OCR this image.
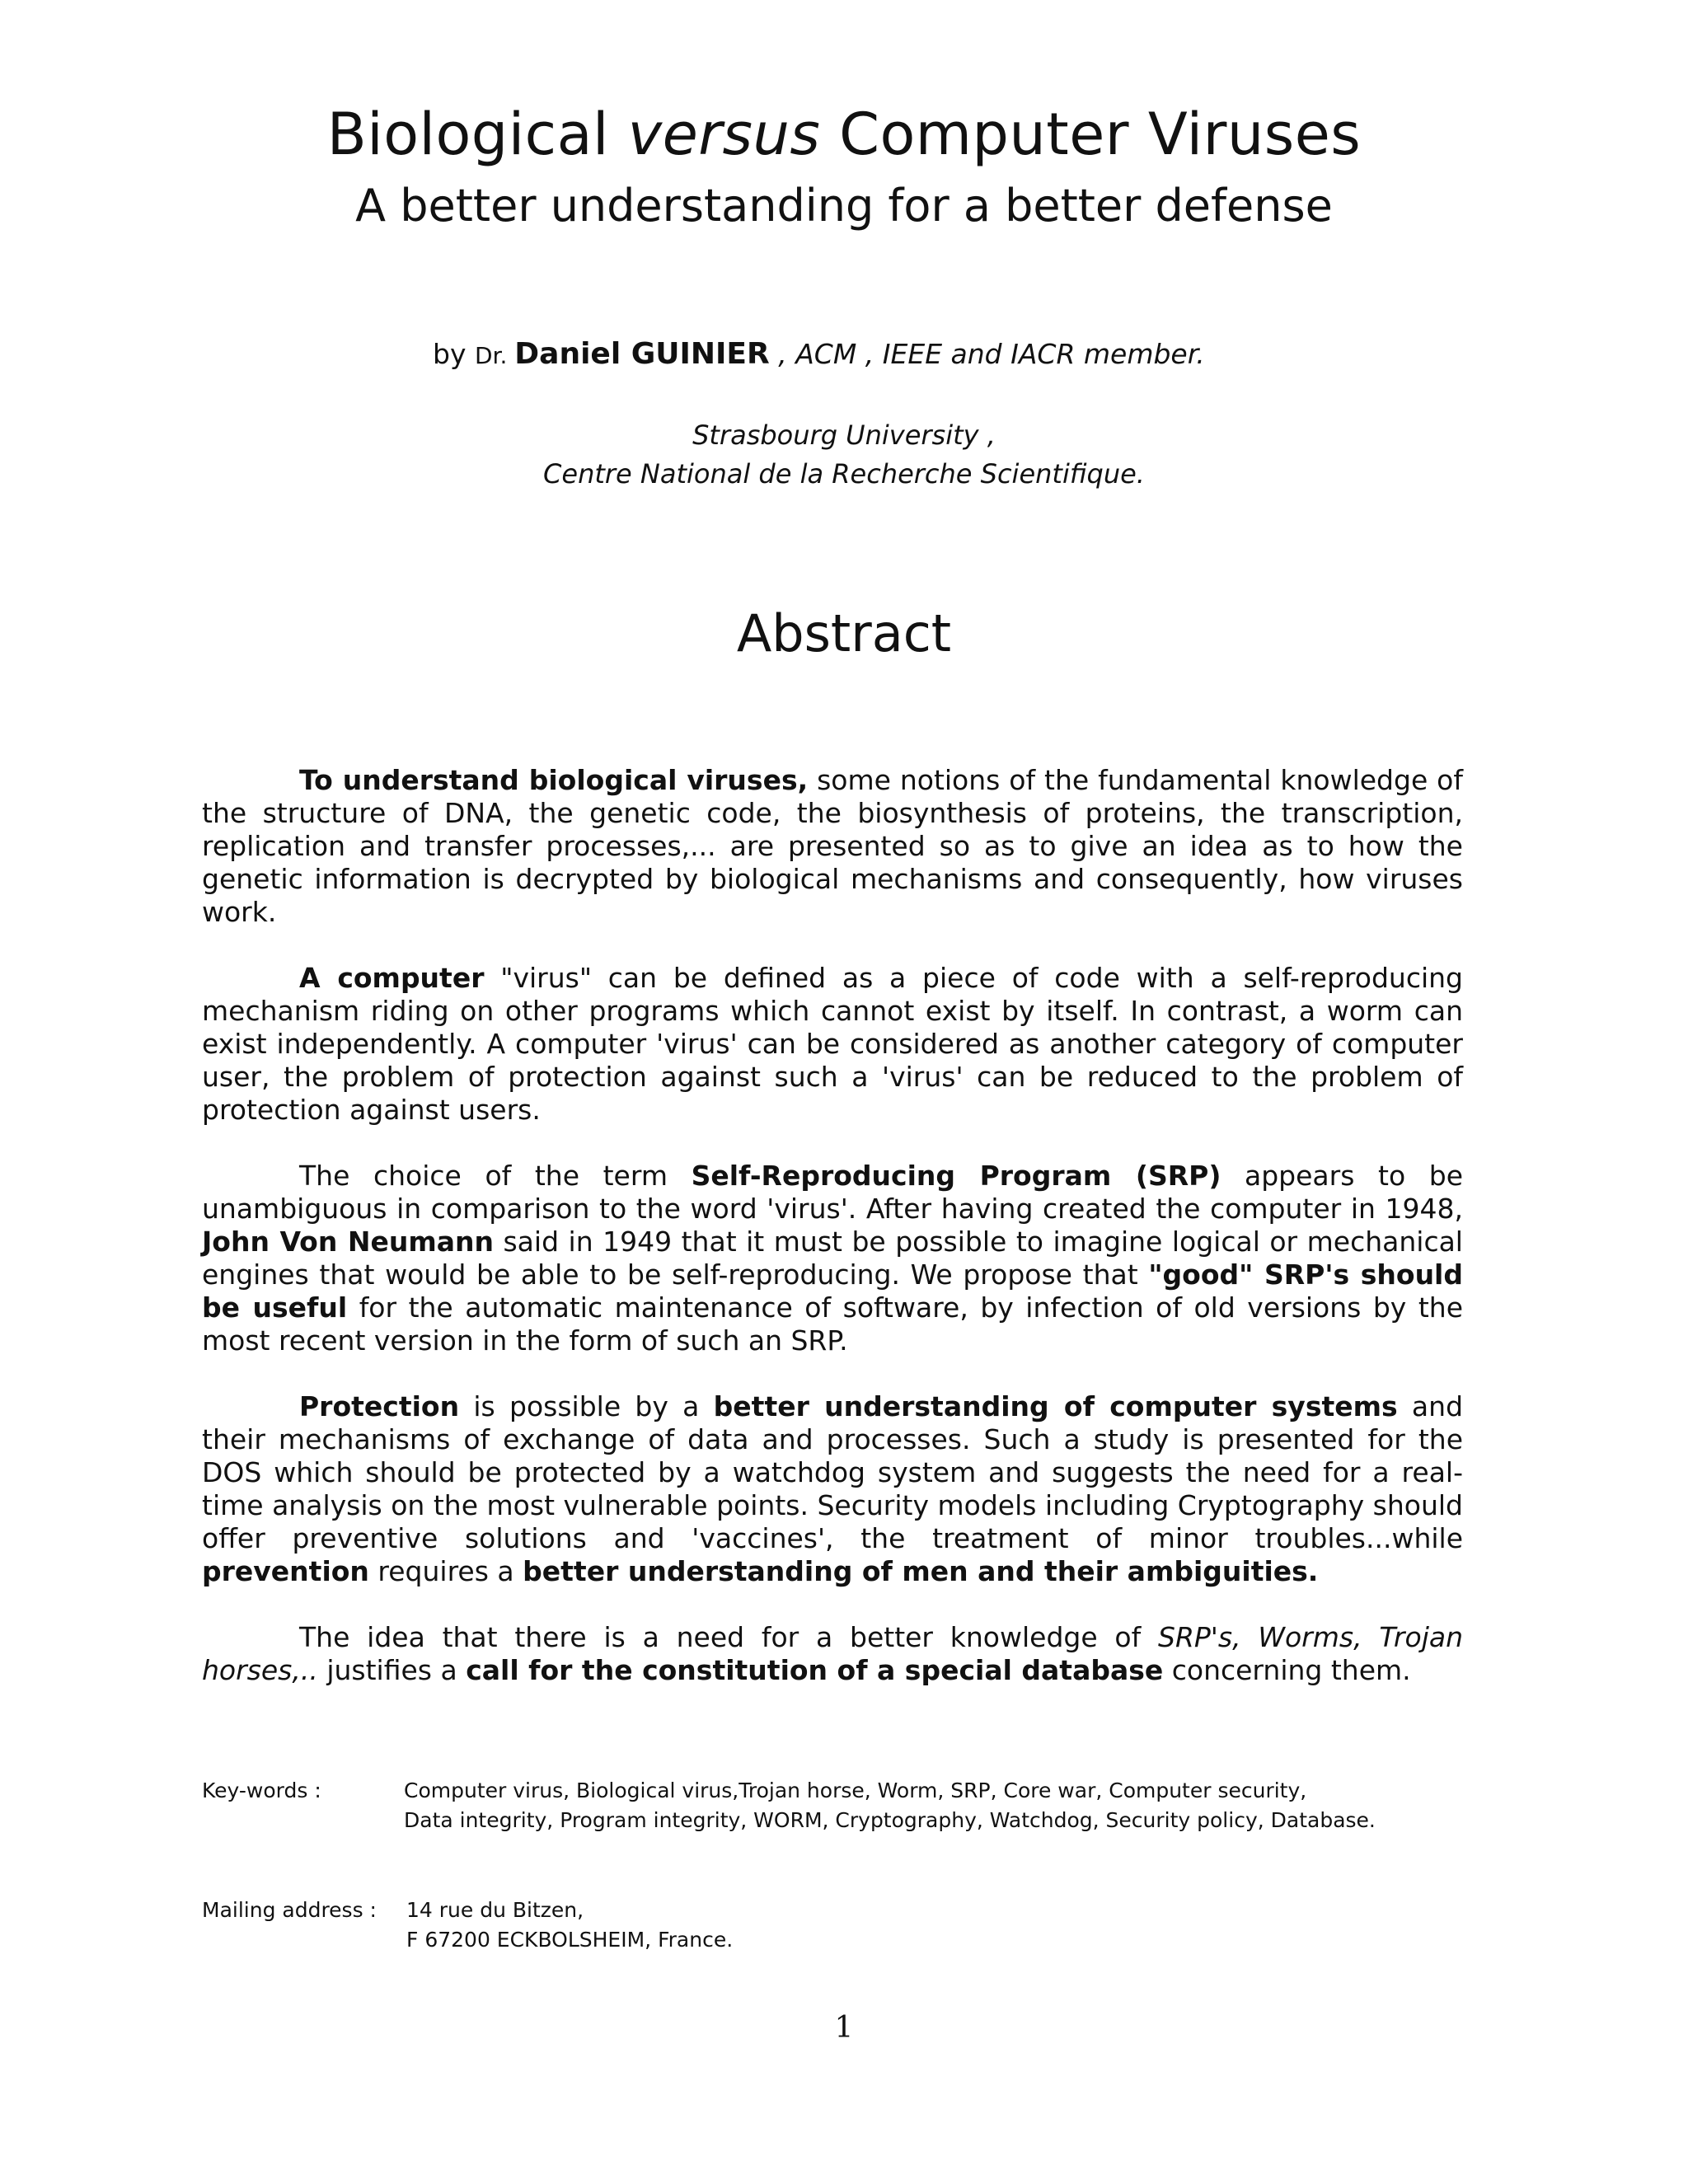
Biological versus Computer Viruses
A better understanding for a better defense
by Dr. Daniel GUINIER , ACM , IEEE and IACR member.
Strasbourg University ,
Centre National de la Recherche Scientifique.
Abstract

To understand biological viruses, some notions of the fundamental knowledge of the structure of DNA, the genetic code, the biosynthesis of proteins, the transcription, replication and transfer processes,... are presented so as to give an idea as to how the genetic information is decrypted by biological mechanisms and consequently, how viruses work.

A computer "virus" can be defined as a piece of code with a self-reproducing mechanism riding on other programs which cannot exist by itself. In contrast, a worm can exist independently. A computer 'virus' can be considered as another category of computer user, the problem of protection against such a 'virus' can be reduced to the problem of protection against users.

The choice of the term Self-Reproducing Program (SRP) appears to be unambiguous in comparison to the word 'virus'. After having created the computer in 1948, John Von Neumann said in 1949 that it must be possible to imagine logical or mechanical engines that would be able to be self-reproducing. We propose that "good" SRP's should be useful for the automatic maintenance of software, by infection of old versions by the most recent version in the form of such an SRP.

Protection is possible by a better understanding of computer systems and their mechanisms of exchange of data and processes. Such a study is presented for the DOS which should be protected by a watchdog system and suggests the need for a real-time analysis on the most vulnerable points. Security models including Cryptography should offer preventive solutions and 'vaccines', the treatment of minor troubles...while prevention requires a better understanding of men and their ambiguities.

The idea that there is a need for a better knowledge of SRP's, Worms, Trojan horses,.. justifies a call for the constitution of a special database concerning them.

Key-words :	Computer virus, Biological virus,Trojan horse, Worm, SRP, Core war, Computer security,
Data integrity, Program integrity, WORM, Cryptography, Watchdog, Security policy, Database.
Mailing address : 14 rue du Bitzen,
F 67200 ECKBOLSHEIM, France.
1
